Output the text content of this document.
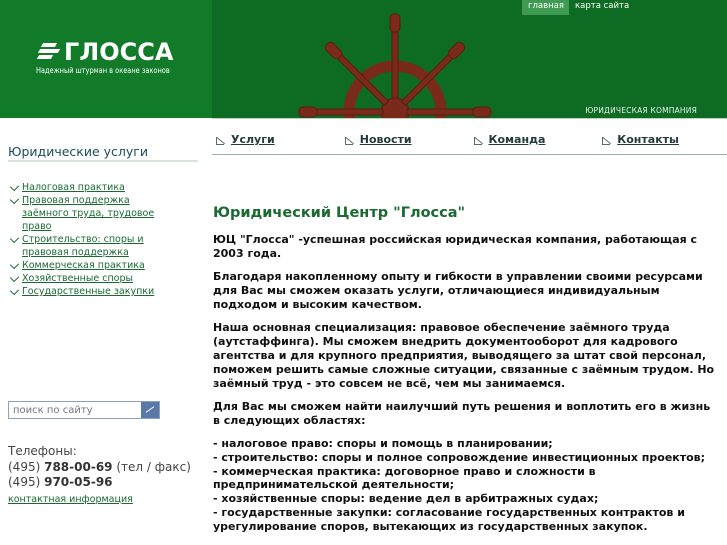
ГЛОССА
Надежный штурман в океане законов
ЮРИДИЧЕСКАЯ КОМПАНИЯ
главная	карта сайта
Юридические услуги
Налоговая практика
Правовая поддержка заёмного труда, трудовое право
Строительство: споры и правовая поддержка
Коммерческая практика
Хозяйственные споры
Государственные закупки
поиск по сайту
Телефоны:
(495) 788-00-69 (тел / факс)
(495) 970-05-96
контактная информация
Услуги	Новости	Команда	Контакты
Юридический Центр "Глосса"

ЮЦ "Глосса" -успешная российская юридическая компания, работающая с 2003 года.

Благодаря накопленному опыту и гибкости в управлении своими ресурсами для Вас мы сможем оказать услуги, отличающиеся индивидуальным подходом и высоким качеством.

Наша основная специализация: правовое обеспечение заёмного труда (аутстаффинга). Мы сможем внедрить документооборот для кадрового агентства и для крупного предприятия, выводящего за штат свой персонал, поможем решить самые сложные ситуации, связанные с заёмным трудом. Но заёмный труд - это совсем не всё, чем мы занимаемся.

Для Вас мы сможем найти наилучший путь решения и воплотить его в жизнь в следующих областях:

- налоговое право: споры и помощь в планировании;
- строительство: споры и полное сопровождение инвестиционных проектов;
- коммерческая практика: договорное право и сложности в предпринимательской деятельности;
- хозяйственные споры: ведение дел в арбитражных судах;
- государственные закупки: согласование государственных контрактов и урегулирование споров, вытекающих из государственных закупок.
